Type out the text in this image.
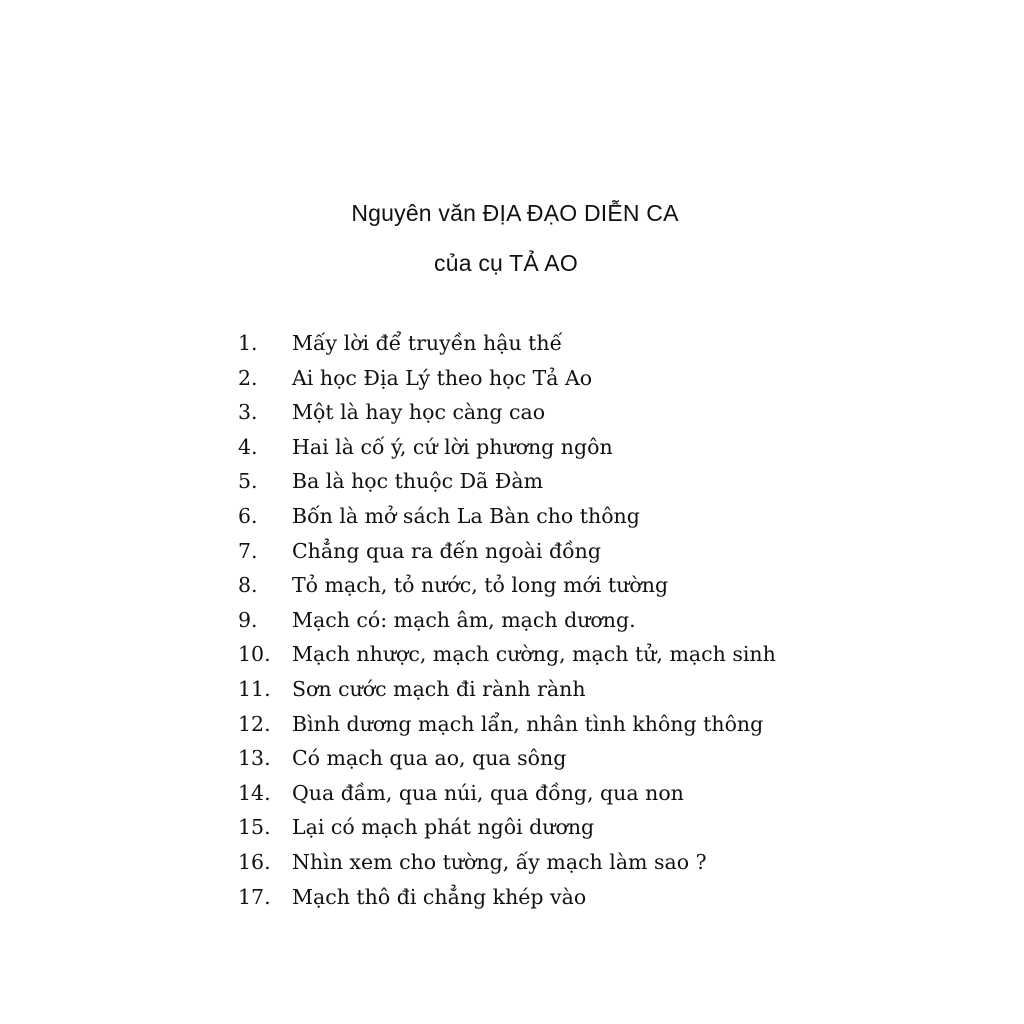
Nguyên văn ĐỊA ĐẠO DIỄN CA
của cụ TẢ AO
1.	Mấy lời để truyền hậu thế
2.	Ai học Địa Lý theo học Tả Ao
3.	Một là hay học càng cao
4.	Hai là cố ý, cứ lời phương ngôn
5.	Ba là học thuộc Dã Đàm
6.	Bốn là mở sách La Bàn cho thông
7.	Chẳng qua ra đến ngoài đồng
8.	Tỏ mạch, tỏ nước, tỏ long mới tường
9.	Mạch có: mạch âm, mạch dương.
10.	Mạch nhược, mạch cường, mạch tử, mạch sinh
11.	Sơn cước mạch đi rành rành
12.	Bình dương mạch lẩn, nhân tình không thông
13.	Có mạch qua ao, qua sông
14.	Qua đầm, qua núi, qua đồng, qua non
15.	Lại có mạch phát ngôi dương
16.	Nhìn xem cho tường, ấy mạch làm sao ?
17.	Mạch thô đi chẳng khép vào
